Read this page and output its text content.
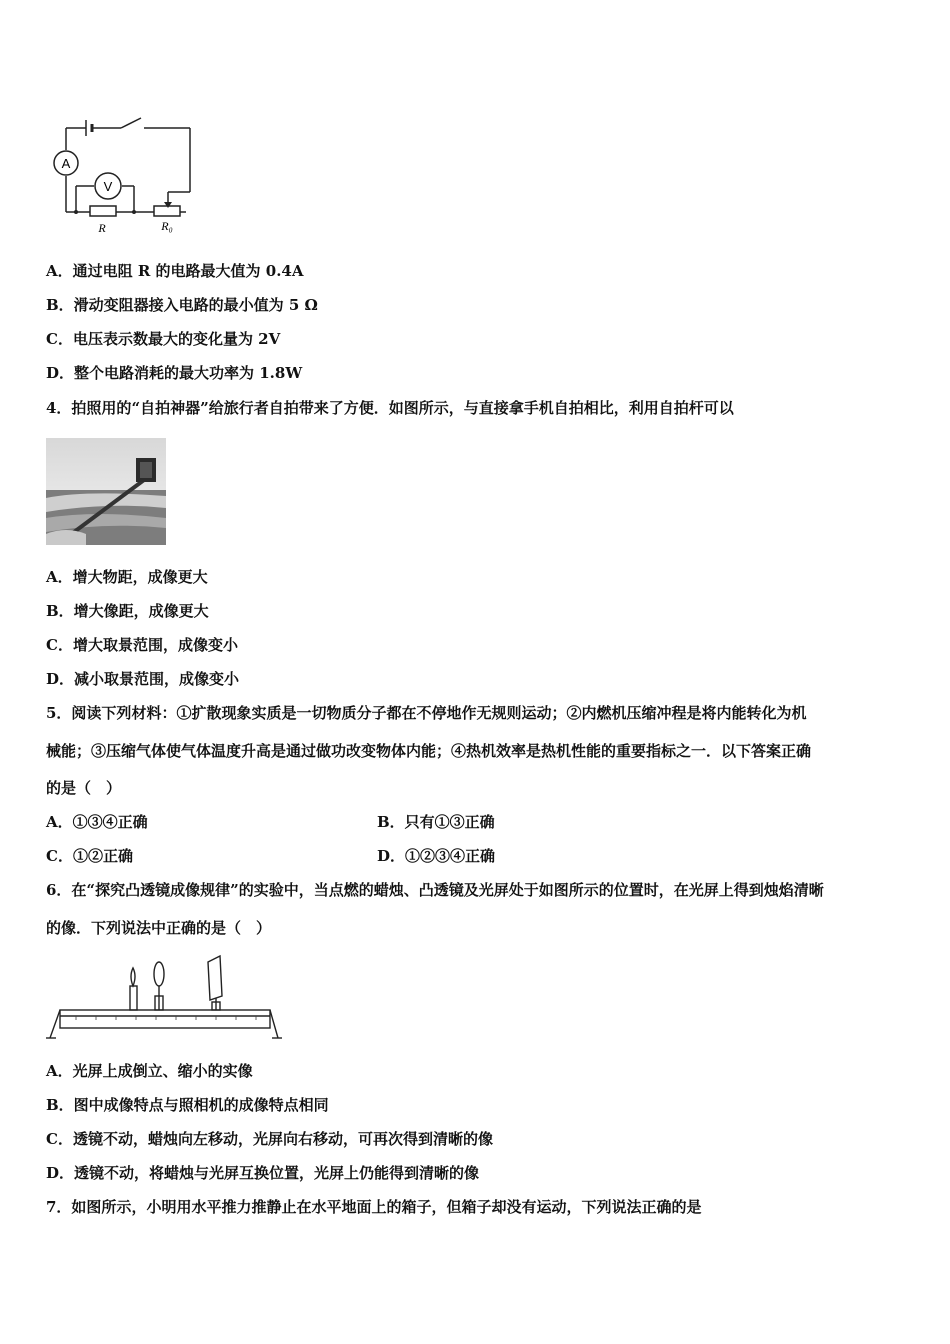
A
V
R	R₀
A．通过电阻 R 的电路最大值为 0.4A
B．滑动变阻器接入电路的最小值为 5 Ω
C．电压表示数最大的变化量为 2V
D．整个电路消耗的最大功率为 1.8W
4．拍照用的“自拍神器”给旅行者自拍带来了方便．如图所示，与直接拿手机自拍相比，利用自拍杆可以
A．增大物距，成像更大
B．增大像距，成像更大
C．增大取景范围，成像变小
D．减小取景范围，成像变小
5．阅读下列材料：①扩散现象实质是一切物质分子都在不停地作无规则运动；②内燃机压缩冲程是将内能转化为机
械能；③压缩气体使气体温度升高是通过做功改变物体内能；④热机效率是热机性能的重要指标之一．以下答案正确
的是（　）
A．①③④正确	B．只有①③正确
C．①②正确	D．①②③④正确
6．在“探究凸透镜成像规律”的实验中，当点燃的蜡烛、凸透镜及光屏处于如图所示的位置时，在光屏上得到烛焰清晰
的像．下列说法中正确的是（　）
A．光屏上成倒立、缩小的实像
B．图中成像特点与照相机的成像特点相同
C．透镜不动，蜡烛向左移动，光屏向右移动，可再次得到清晰的像
D．透镜不动，将蜡烛与光屏互换位置，光屏上仍能得到清晰的像
7．如图所示，小明用水平推力推静止在水平地面上的箱子，但箱子却没有运动，下列说法正确的是
